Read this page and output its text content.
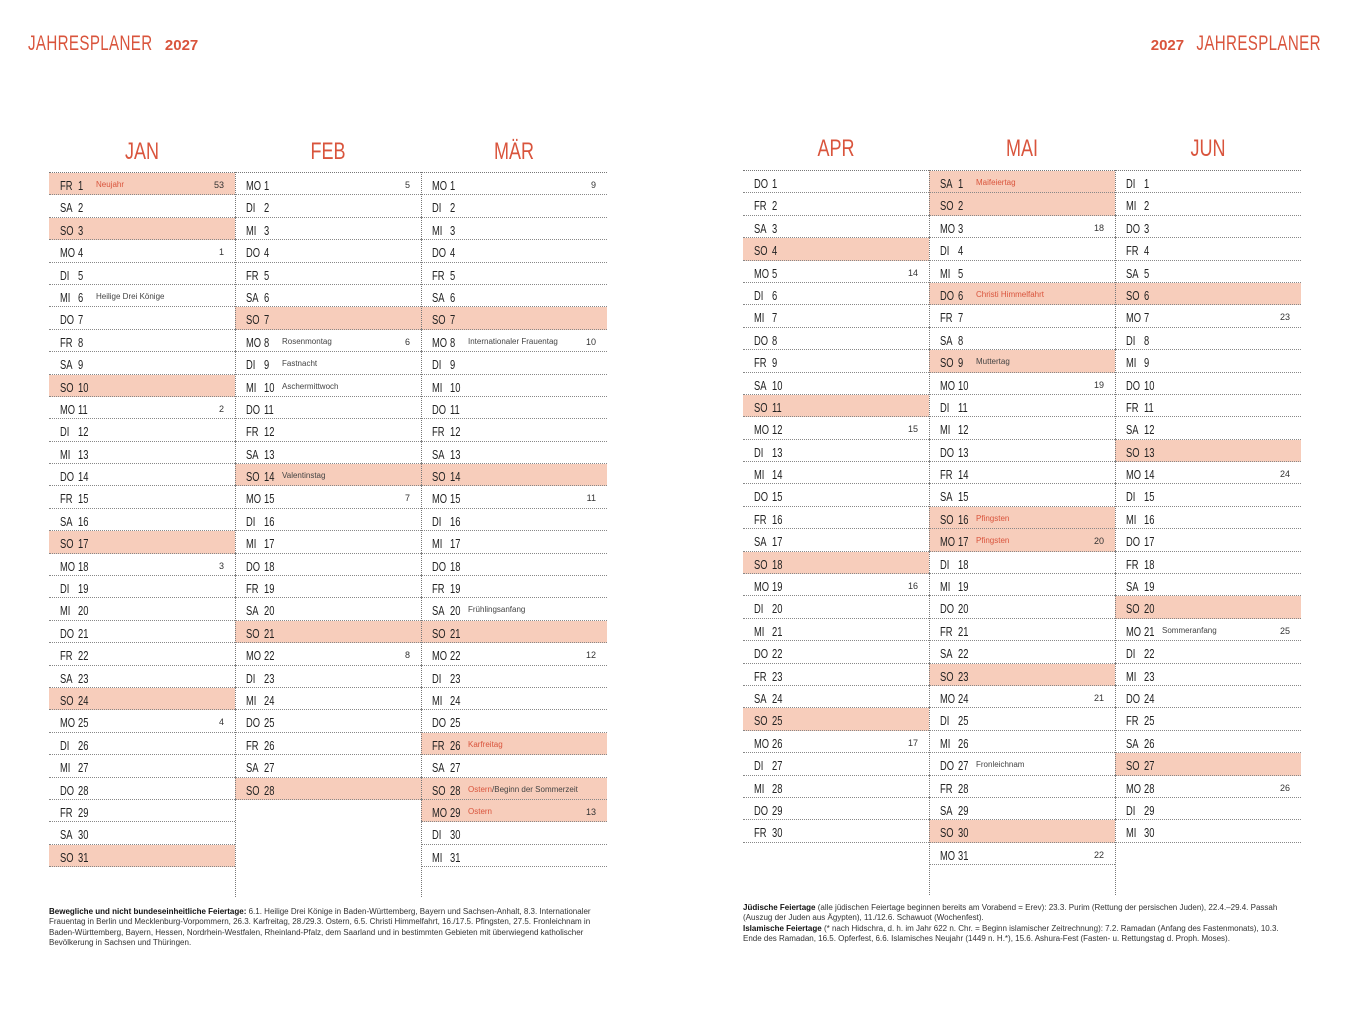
JAHRESPLANER 2027	2027 JAHRESPLANER
JAN
FR 1 Neujahr	53
SA 2
SO 3
MO 4	1
DI 5
MI 6 Heilige Drei Könige
DO 7
FR 8
SA 9
SO 10
MO 11	2
DI 12
MI 13
DO 14
FR 15
SA 16
SO 17
MO 18	3
DI 19
MI 20
DO 21
FR 22
SA 23
SO 24
MO 25	4
DI 26
MI 27
DO 28
FR 29
SA 30
SO 31
FEB
MO 1	5
DI 2
MI 3
DO 4
FR 5
SA 6
SO 7
MO 8 Rosenmontag	6
DI 9 Fastnacht
MI 10 Aschermittwoch
DO 11
FR 12
SA 13
SO 14 Valentinstag
MO 15	7
DI 16
MI 17
DO 18
FR 19
SA 20
SO 21
MO 22	8
DI 23
MI 24
DO 25
FR 26
SA 27
SO 28
MÄR
MO 1	9
DI 2
MI 3
DO 4
FR 5
SA 6
SO 7
MO 8 Internationaler Frauentag	10
DI 9
MI 10
DO 11
FR 12
SA 13
SO 14
MO 15	11
DI 16
MI 17
DO 18
FR 19
SA 20 Frühlingsanfang
SO 21
MO 22	12
DI 23
MI 24
DO 25
FR 26 Karfreitag
SA 27
SO 28 Ostern/Beginn der Sommerzeit
MO 29 Ostern	13
DI 30
MI 31
APR
DO 1
FR 2
SA 3
SO 4
MO 5	14
DI 6
MI 7
DO 8
FR 9
SA 10
SO 11
MO 12	15
DI 13
MI 14
DO 15
FR 16
SA 17
SO 18
MO 19	16
DI 20
MI 21
DO 22
FR 23
SA 24
SO 25
MO 26	17
DI 27
MI 28
DO 29
FR 30
MAI
SA 1 Maifeiertag
SO 2
MO 3	18
DI 4
MI 5
DO 6 Christi Himmelfahrt
FR 7
SA 8
SO 9 Muttertag
MO 10	19
DI 11
MI 12
DO 13
FR 14
SA 15
SO 16 Pfingsten
MO 17 Pfingsten	20
DI 18
MI 19
DO 20
FR 21
SA 22
SO 23
MO 24	21
DI 25
MI 26
DO 27 Fronleichnam
FR 28
SA 29
SO 30
MO 31	22
JUN
DI 1
MI 2
DO 3
FR 4
SA 5
SO 6
MO 7	23
DI 8
MI 9
DO 10
FR 11
SA 12
SO 13
MO 14	24
DI 15
MI 16
DO 17
FR 18
SA 19
SO 20
MO 21 Sommeranfang	25
DI 22
MI 23
DO 24
FR 25
SA 26
SO 27
MO 28	26
DI 29
MI 30
Bewegliche und nicht bundeseinheitliche Feiertage: 6.1. Heilige Drei Könige in Baden-Württemberg, Bayern und Sachsen-Anhalt, 8.3. Internationaler Frauentag in Berlin und Mecklenburg-Vorpommern, 26.3. Karfreitag, 28./29.3. Ostern, 6.5. Christi Himmelfahrt, 16./17.5. Pfingsten, 27.5. Fronleichnam in Baden-Württemberg, Bayern, Hessen, Nordrhein-Westfalen, Rheinland-Pfalz, dem Saarland und in bestimmten Gebieten mit überwiegend katholischer Bevölkerung in Sachsen und Thüringen.
Jüdische Feiertage (alle jüdischen Feiertage beginnen bereits am Vorabend = Erev): 23.3. Purim (Rettung der persischen Juden), 22.4.–29.4. Passah (Auszug der Juden aus Ägypten), 11./12.6. Schawuot (Wochenfest).
Islamische Feiertage (* nach Hidschra, d. h. im Jahr 622 n. Chr. = Beginn islamischer Zeitrechnung): 7.2. Ramadan (Anfang des Fastenmonats), 10.3. Ende des Ramadan, 16.5. Opferfest, 6.6. Islamisches Neujahr (1449 n. H.*), 15.6. Ashura-Fest (Fasten- u. Rettungstag d. Proph. Moses).
